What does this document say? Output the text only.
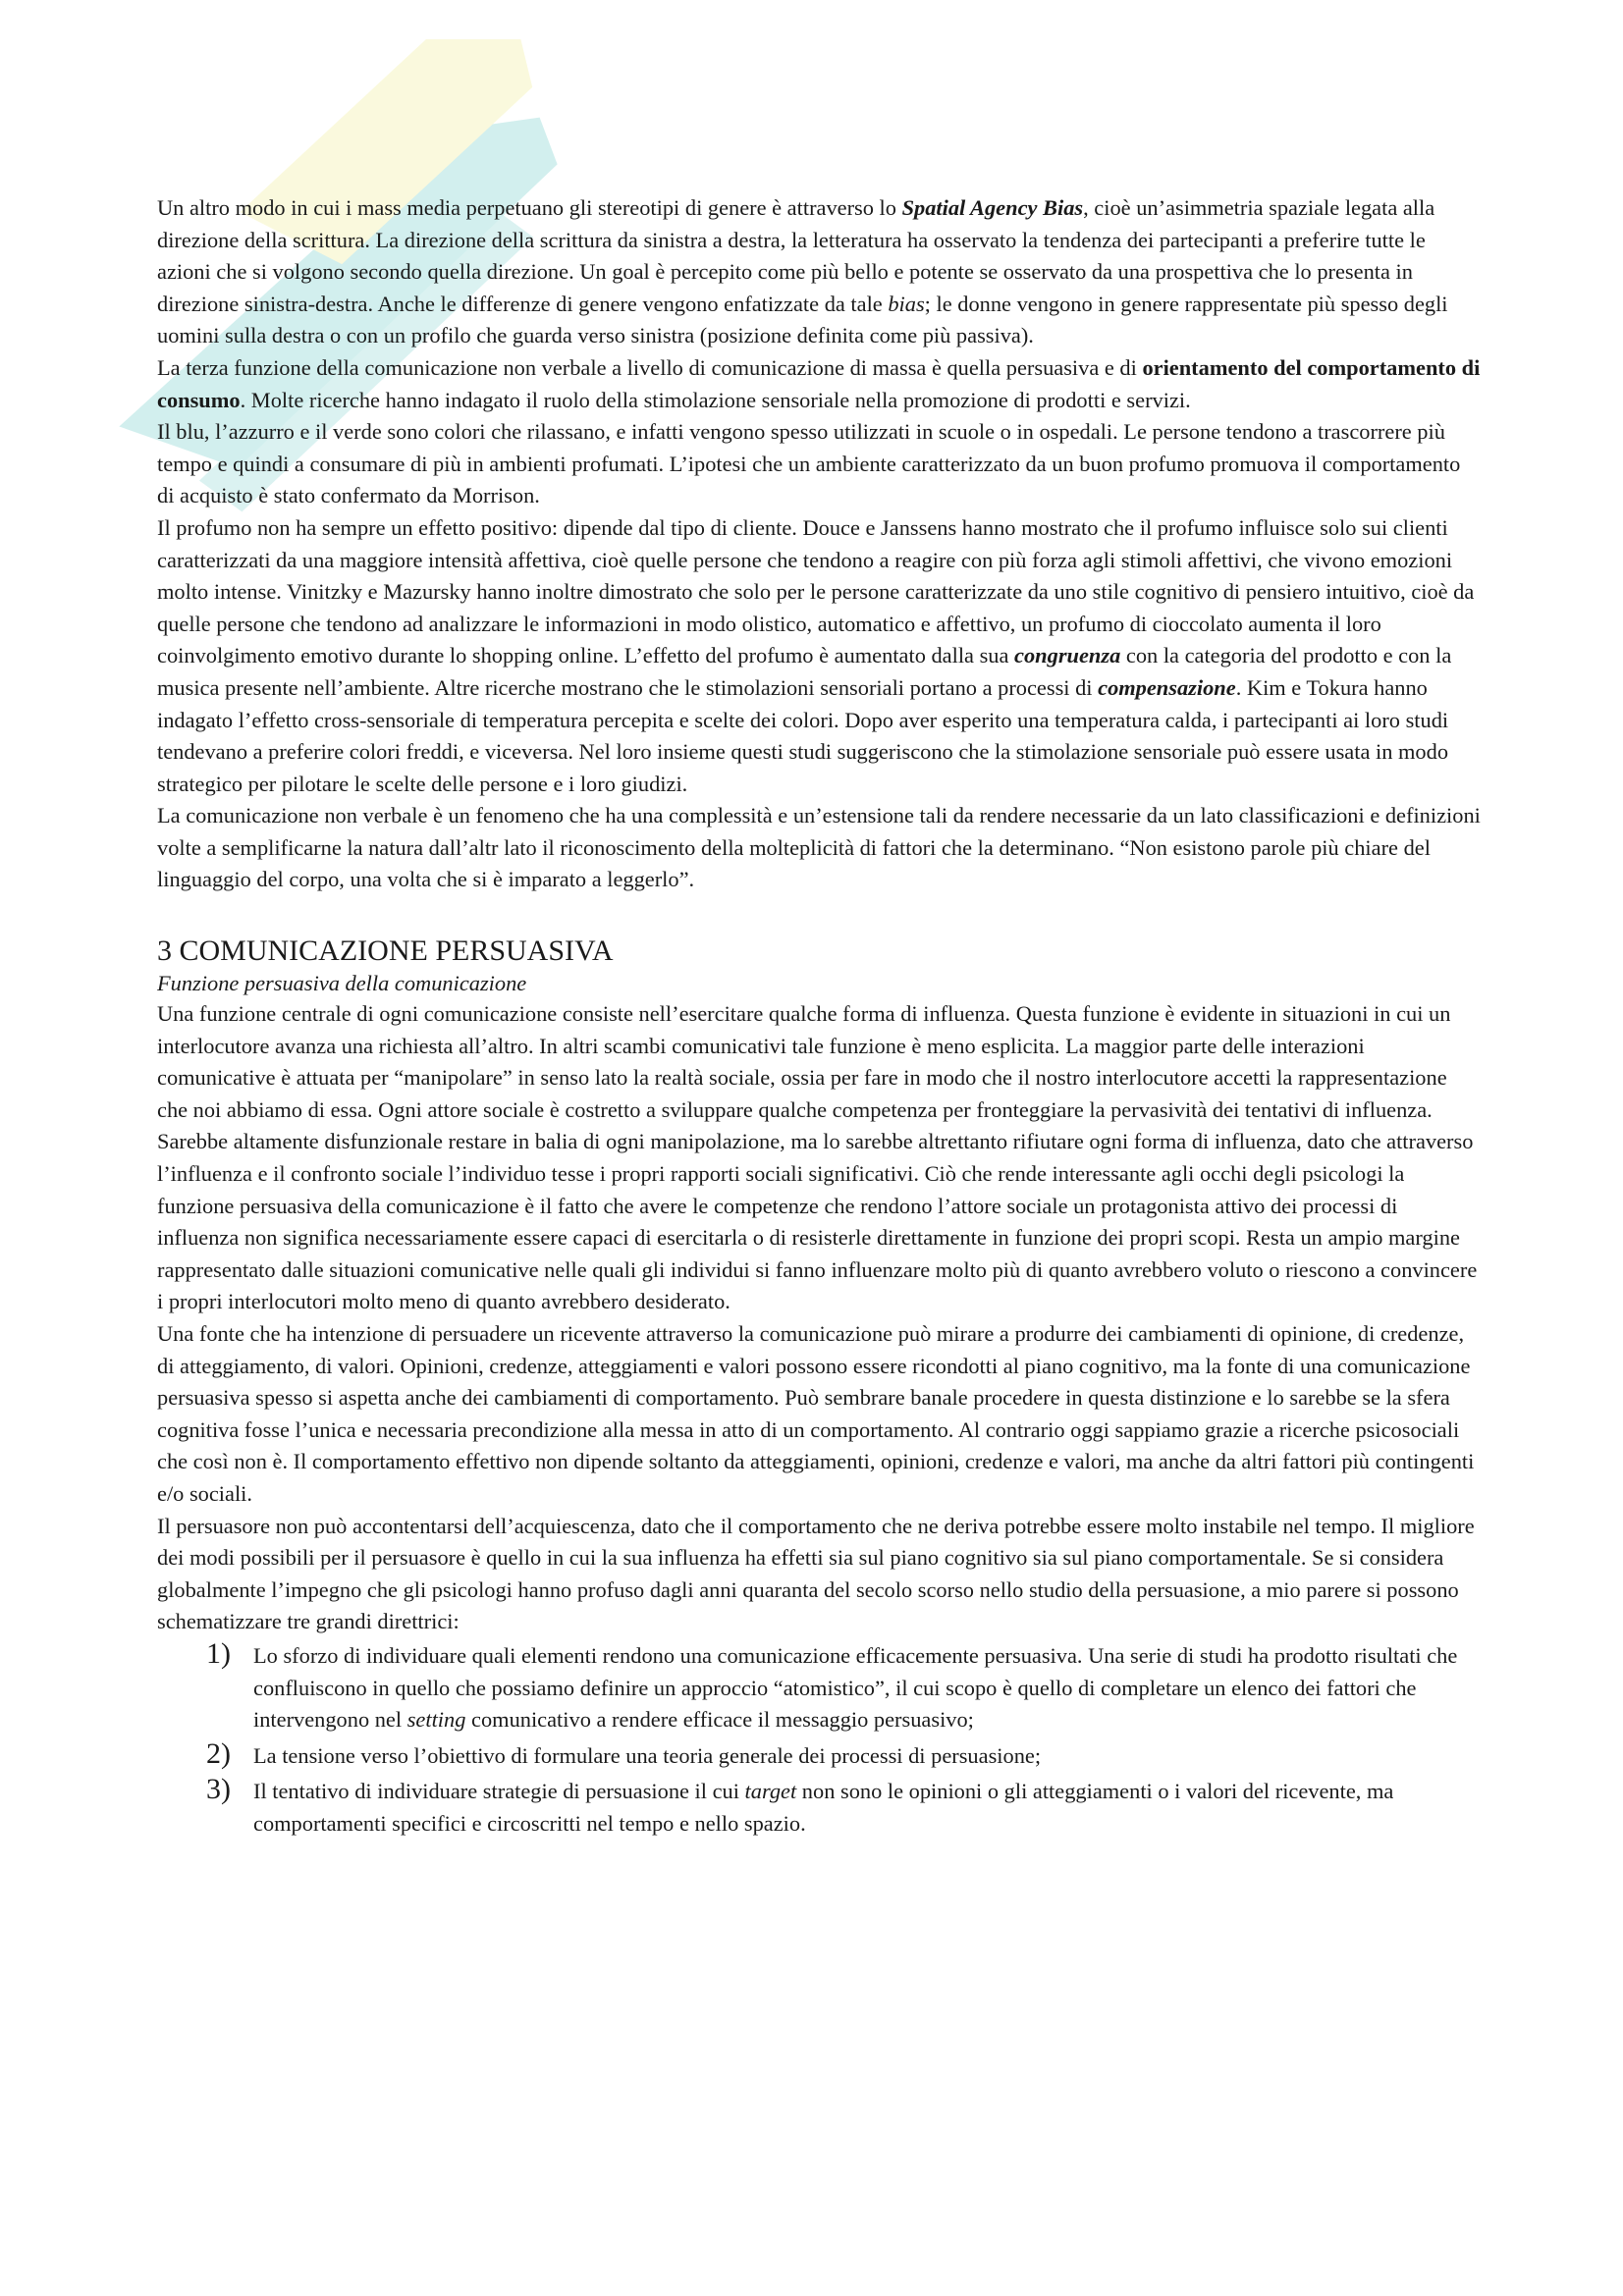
Un altro modo in cui i mass media perpetuano gli stereotipi di genere è attraverso lo Spatial Agency Bias, cioè un’asimmetria spaziale legata alla direzione della scrittura. La direzione della scrittura da sinistra a destra, la letteratura ha osservato la tendenza dei partecipanti a preferire tutte le azioni che si volgono secondo quella direzione. Un goal è percepito come più bello e potente se osservato da una prospettiva che lo presenta in direzione sinistra-destra. Anche le differenze di genere vengono enfatizzate da tale bias; le donne vengono in genere rappresentate più spesso degli uomini sulla destra o con un profilo che guarda verso sinistra (posizione definita come più passiva).

La terza funzione della comunicazione non verbale a livello di comunicazione di massa è quella persuasiva e di orientamento del comportamento di consumo. Molte ricerche hanno indagato il ruolo della stimolazione sensoriale nella promozione di prodotti e servizi.

Il blu, l’azzurro e il verde sono colori che rilassano, e infatti vengono spesso utilizzati in scuole o in ospedali. Le persone tendono a trascorrere più tempo e quindi a consumare di più in ambienti profumati. L’ipotesi che un ambiente caratterizzato da un buon profumo promuova il comportamento di acquisto è stato confermato da Morrison.

Il profumo non ha sempre un effetto positivo: dipende dal tipo di cliente. Douce e Janssens hanno mostrato che il profumo influisce solo sui clienti caratterizzati da una maggiore intensità affettiva, cioè quelle persone che tendono a reagire con più forza agli stimoli affettivi, che vivono emozioni molto intense. Vinitzky e Mazursky hanno inoltre dimostrato che solo per le persone caratterizzate da uno stile cognitivo di pensiero intuitivo, cioè da quelle persone che tendono ad analizzare le informazioni in modo olistico, automatico e affettivo, un profumo di cioccolato aumenta il loro coinvolgimento emotivo durante lo shopping online. L’effetto del profumo è aumentato dalla sua congruenza con la categoria del prodotto e con la musica presente nell’ambiente. Altre ricerche mostrano che le stimolazioni sensoriali portano a processi di compensazione. Kim e Tokura hanno indagato l’effetto cross-sensoriale di temperatura percepita e scelte dei colori. Dopo aver esperito una temperatura calda, i partecipanti ai loro studi tendevano a preferire colori freddi, e viceversa. Nel loro insieme questi studi suggeriscono che la stimolazione sensoriale può essere usata in modo strategico per pilotare le scelte delle persone e i loro giudizi.

La comunicazione non verbale è un fenomeno che ha una complessità e un’estensione tali da rendere necessarie da un lato classificazioni e definizioni volte a semplificarne la natura dall’altr lato il riconoscimento della molteplicità di fattori che la determinano. “Non esistono parole più chiare del linguaggio del corpo, una volta che si è imparato a leggerlo”.

3 COMUNICAZIONE PERSUASIVA

Funzione persuasiva della comunicazione

Una funzione centrale di ogni comunicazione consiste nell’esercitare qualche forma di influenza. Questa funzione è evidente in situazioni in cui un interlocutore avanza una richiesta all’altro. In altri scambi comunicativi tale funzione è meno esplicita. La maggior parte delle interazioni comunicative è attuata per “manipolare” in senso lato la realtà sociale, ossia per fare in modo che il nostro interlocutore accetti la rappresentazione che noi abbiamo di essa. Ogni attore sociale è costretto a sviluppare qualche competenza per fronteggiare la pervasività dei tentativi di influenza. Sarebbe altamente disfunzionale restare in balia di ogni manipolazione, ma lo sarebbe altrettanto rifiutare ogni forma di influenza, dato che attraverso l’influenza e il confronto sociale l’individuo tesse i propri rapporti sociali significativi. Ciò che rende interessante agli occhi degli psicologi la funzione persuasiva della comunicazione è il fatto che avere le competenze che rendono l’attore sociale un protagonista attivo dei processi di influenza non significa necessariamente essere capaci di esercitarla o di resisterle direttamente in funzione dei propri scopi. Resta un ampio margine rappresentato dalle situazioni comunicative nelle quali gli individui si fanno influenzare molto più di quanto avrebbero voluto o riescono a convincere i propri interlocutori molto meno di quanto avrebbero desiderato.

Una fonte che ha intenzione di persuadere un ricevente attraverso la comunicazione può mirare a produrre dei cambiamenti di opinione, di credenze, di atteggiamento, di valori. Opinioni, credenze, atteggiamenti e valori possono essere ricondotti al piano cognitivo, ma la fonte di una comunicazione persuasiva spesso si aspetta anche dei cambiamenti di comportamento. Può sembrare banale procedere in questa distinzione e lo sarebbe se la sfera cognitiva fosse l’unica e necessaria precondizione alla messa in atto di un comportamento. Al contrario oggi sappiamo grazie a ricerche psicosociali che così non è. Il comportamento effettivo non dipende soltanto da atteggiamenti, opinioni, credenze e valori, ma anche da altri fattori più contingenti e/o sociali.

Il persuasore non può accontentarsi dell’acquiescenza, dato che il comportamento che ne deriva potrebbe essere molto instabile nel tempo. Il migliore dei modi possibili per il persuasore è quello in cui la sua influenza ha effetti sia sul piano cognitivo sia sul piano comportamentale. Se si considera globalmente l’impegno che gli psicologi hanno profuso dagli anni quaranta del secolo scorso nello studio della persuasione, a mio parere si possono schematizzare tre grandi direttrici:

1) Lo sforzo di individuare quali elementi rendono una comunicazione efficacemente persuasiva. Una serie di studi ha prodotto risultati che confluiscono in quello che possiamo definire un approccio “atomistico”, il cui scopo è quello di completare un elenco dei fattori che intervengono nel setting comunicativo a rendere efficace il messaggio persuasivo;
2) La tensione verso l’obiettivo di formulare una teoria generale dei processi di persuasione;
3) Il tentativo di individuare strategie di persuasione il cui target non sono le opinioni o gli atteggiamenti o i valori del ricevente, ma comportamenti specifici e circoscritti nel tempo e nello spazio.
